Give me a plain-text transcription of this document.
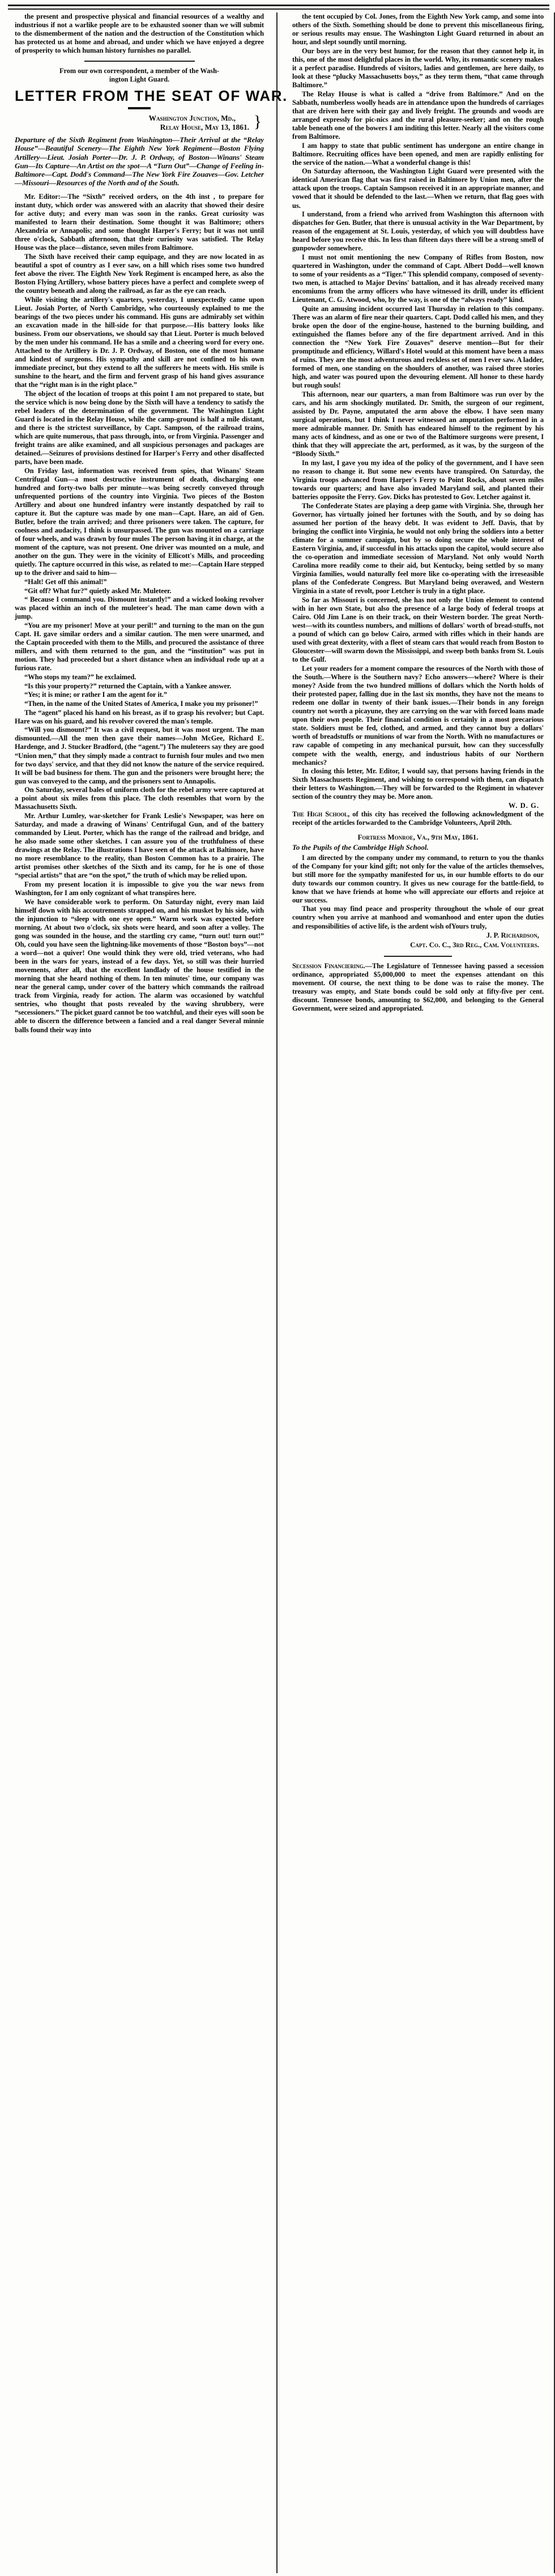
the present and prospective physical and financial resources of a wealthy and industrious if not a warlike people are to be exhausted sooner than we will submit to the dismemberment of the nation and the destruction of the Constitution which has protected us at home and abroad, and under which we have enjoyed a degree of prosperity to which human history furnishes no parallel.

From our own correspondent, a member of the Wash-
ington Light Guard.
LETTER FROM THE SEAT OF WAR.
}
Washington Junction, Md.,
Relay House, May 13, 1861.
Departure of the Sixth Regiment from Washington—Their Arrival at the “Relay House”—Beautiful Scenery—The Eighth New York Regiment—Boston Flying Artillery—Lieut. Josiah Porter—Dr. J. P. Ordway, of Boston—Winans' Steam Gun—Its Capture—An Artist on the spot—A “Turn Out”—Change of Feeling in-Baltimore—Capt. Dodd's Command—The New York Fire Zouaves—Gov. Letcher—Missouri—Resources of the North and of the South.

Mr. Editor:—The “Sixth” received orders, on the 4th inst , to prepare for instant duty, which order was answered with an alacrity that showed their desire for active duty; and every man was soon in the ranks. Great curiosity was manifested to learn their destination. Some thought it was Baltimore; others Alexandria or Annapolis; and some thought Harper's Ferry; but it was not until three o'clock, Sabbath afternoon, that their curiosity was satisfied. The Relay House was the place—distance, seven miles from Baltimore.

The Sixth have received their camp equipage, and they are now located in as beautiful a spot of country as I ever saw, on a hill which rises some two hundred feet above the river. The Eighth New York Regiment is encamped here, as also the Boston Flying Artillery, whose battery pieces have a perfect and complete sweep of the country beneath and along the railroad, as far as the eye can reach.

While visiting the artillery's quarters, yesterday, I unexpectedly came upon Lieut. Josiah Porter, of North Cambridge, who courteously explained to me the bearings of the two pieces under his command. His guns are admirably set within an excavation made in the hill-side for that purpose.—His battery looks like business. From our observations, we should say that Lieut. Porter is much beloved by the men under his command. He has a smile and a cheering word for every one. Attached to the Artillery is Dr. J. P. Ordway, of Boston, one of the most humane and kindest of surgeons. His sympathy and skill are not confined to his own immediate precinct, but they extend to all the sufferers he meets with. His smile is sunshine to the heart, and the firm and fervent grasp of his hand gives assurance that the “right man is in the right place.”

The object of the location of troops at this point I am not prepared to state, but the service which is now being done by the Sixth will have a tendency to satisfy the rebel leaders of the determination of the government. The Washington Light Guard is located in the Relay House, while the camp-ground is half a mile distant, and there is the strictest surveillance, by Capt. Sampson, of the railroad trains, which are quite numerous, that pass through, into, or from Virginia. Passenger and freight trains are alike examined, and all suspicious personages and packages are detained.—Seizures of provisions destined for Harper's Ferry and other disaffected parts, have been made.

On Friday last, information was received from spies, that Winans' Steam Centrifugal Gun—a most destructive instrument of death, discharging one hundred and forty-two balls per minute—was being secretly conveyed through unfrequented portions of the country into Virginia. Two pieces of the Boston Artillery and about one hundred infantry were instantly despatched by rail to capture it. But the capture was made by one man—Capt. Hare, an aid of Gen. Butler, before the train arrived; and three prisoners were taken. The capture, for coolness and audacity, I think is unsurpassed. The gun was mounted on a carriage of four wheels, and was drawn by four mules The person having it in charge, at the moment of the capture, was not present. One driver was mounted on a mule, and another on the gun. They were in the vicinity of Ellicott's Mills, and proceeding quietly. The capture occurred in this wise, as related to me:—Captain Hare stepped up to the driver and said to him—

“Halt! Get off this animal!”

“Git off? What fur?” quietly asked Mr. Muleteer.

“ Because I command you. Dismount instantly!” and a wicked looking revolver was placed within an inch of the muleteer's head. The man came down with a jump.

“You are my prisoner! Move at your peril!” and turning to the man on the gun Capt. H. gave similar orders and a similar caution. The men were unarmed, and the Captain proceeded with them to the Mills, and procured the assistance of three millers, and with them returned to the gun, and the “institution” was put in motion. They had proceeded but a short distance when an individual rode up at a furious rate.

“Who stops my team?” he exclaimed.

“Is this your property?” returned the Captain, with a Yankee answer.

“Yes; it is mine; or rather I am the agent for it.”

“Then, in the name of the United States of America, I make you my prisoner!”

The “agent” placed his hand on his breast, as if to grasp his revolver; but Capt. Hare was on his guard, and his revolver covered the man's temple.

“Will you dismount?” It was a civil request, but it was most urgent. The man dismounted.—All the men then gave their names—John McGee, Richard E. Hardenge, and J. Stucker Bradford, (the “agent.”) The muleteers say they are good “Union men,” that they simply made a contract to furnish four mules and two men for two days' service, and that they did not know the nature of the service required. It will be bad business for them. The gun and the prisoners were brought here; the gun was conveyed to the camp, and the prisoners sent to Annapolis.

On Saturday, several bales of uniform cloth for the rebel army were captured at a point about six miles from this place. The cloth resembles that worn by the Massachusetts Sixth.

Mr. Arthur Lumley, war-sketcher for Frank Leslie's Newspaper, was here on Saturday, and made a drawing of Winans' Centrifugal Gun, and of the battery commanded by Lieut. Porter, which has the range of the railroad and bridge, and he also made some other sketches. I can assure you of the truthfulness of these drawings at the Relay. The illustrations I have seen of the attack at Baltimore, have no more resemblance to the reality, than Boston Common has to a prairie. The artist promises other sketches of the Sixth and its camp, for he is one of those “special artists” that are “on the spot,” the truth of which may be relied upon.

From my present location it is impossible to give you the war news from Washington, for I am only cognizant of what transpires here.

We have considerable work to perform. On Saturday night, every man laid himself down with his accoutrements strapped on, and his musket by his side, with the injunction to “sleep with one eye open.” Warm work was expected before morning. At about two o'clock, six shots were heard, and soon after a volley. The gong was sounded in the house, and the startling cry came, “turn out! turn out!” Oh, could you have seen the lightning-like movements of those “Boston boys”—not a word—not a quiver! One would think they were old, tried veterans, who had been in the wars for years, instead of a few days. Yet, so still was their hurried movements, after all, that the excellent landlady of the house testified in the morning that she heard nothing of them. In ten minutes' time, our company was near the general camp, under cover of the battery which commands the railroad track from Virginia, ready for action. The alarm was occasioned by watchful sentries, who thought that posts revealed by the waving shrubbery, were “secessioners.” The picket guard cannot be too watchful, and their eyes will soon be able to discern the difference between a fancied and a real danger Several minnie balls found their way into

the tent occupied by Col. Jones, from the Eighth New York camp, and some into others of the Sixth. Something should be done to prevent this miscellaneous firing, or serious results may ensue. The Washington Light Guard returned in about an hour, and slept soundly until morning.

Our boys are in the very best humor, for the reason that they cannot help it, in this, one of the most delightful places in the world. Why, its romantic scenery makes it a perfect paradise. Hundreds of visitors, ladies and gentlemen, are here daily, to look at these “plucky Massachusetts boys,” as they term them, “that came through Baltimore.”

The Relay House is what is called a “drive from Baltimore.” And on the Sabbath, numberless woolly heads are in attendance upon the hundreds of carriages that are driven here with their gay and lively freight. The grounds and woods are arranged expressly for pic-nics and the rural pleasure-seeker; and on the rough table beneath one of the bowers I am inditing this letter. Nearly all the visitors come from Baltimore.

I am happy to state that public sentiment has undergone an entire change in Baltimore. Recruiting offices have been opened, and men are rapidly enlisting for the service of the nation.—What a wonderful change is this!

On Saturday afternoon, the Washington Light Guard were presented with the identical American flag that was first raised in Baltimore by Union men, after the attack upon the troops. Captain Sampson received it in an appropriate manner, and vowed that it should be defended to the last.—When we return, that flag goes with us.

I understand, from a friend who arrived from Washington this afternoon with dispatches for Gen. Butler, that there is unusual activity in the War Department, by reason of the engagement at St. Louis, yesterday, of which you will doubtless have heard before you receive this. In less than fifteen days there will be a strong smell of gunpowder somewhere.

I must not omit mentioning the new Company of Rifles from Boston, now quartered in Washington, under the command of Capt. Albert Dodd—well known to some of your residents as a “Tiger.” This splendid company, composed of seventy-two men, is attached to Major Devins' battalion, and it has already received many encomiums from the army officers who have witnessed its drill, under its efficient Lieutenant, C. G. Atwood, who, by the way, is one of the “always ready” kind.

Quite an amusing incident occurred last Thursday in relation to this company. There was an alarm of fire near their quarters. Capt. Dodd called his men, and they broke open the door of the engine-house, hastened to the burning building, and extinguished the flames before any of the fire department arrived. And in this connection the “New York Fire Zouaves” deserve mention—But for their promptitude and efficiency, Willard's Hotel would at this moment have been a mass of ruins. They are the most adventurous and reckless set of men I ever saw. A ladder, formed of men, one standing on the shoulders of another, was raised three stories high, and water was poured upon the devouring element. All honor to these hardy but rough souls!

This afternoon, near our quarters, a man from Baltimore was run over by the cars, and his arm shockingly mutilated. Dr. Smith, the surgeon of our regiment, assisted by Dr. Payne, amputated the arm above the elbow. I have seen many surgical operations, but I think I never witnessed an amputation performed in a more admirable manner. Dr. Smith has endeared himself to the regiment by his many acts of kindness, and as one or two of the Baltimore surgeons were present, I think that they will appreciate the art, performed, as it was, by the surgeon of the “Bloody Sixth.”

In my last, I gave you my idea of the policy of the government, and I have seen no reason to change it. But some new events have transpired. On Saturday, the Virginia troops advanced from Harper's Ferry to Point Rocks, about seven miles towards our quarters; and have also invaded Maryland soil, and planted their batteries opposite the Ferry. Gov. Dicks has protested to Gov. Letcher against it.

The Confederate States are playing a deep game with Virginia. She, through her Governor, has virtually joined her fortunes with the South, and by so doing has assumed her portion of the heavy debt. It was evident to Jeff. Davis, that by bringing the conflict into Virginia, he would not only bring the soldiers into a better climate for a summer campaign, but by so doing secure the whole interest of Eastern Virginia, and, if successful in his attacks upon the capitol, would secure also the co-operation and immediate secession of Maryland. Not only would North Carolina more readily come to their aid, but Kentucky, being settled by so many Virginia families, would naturally feel more like co-operating with the irreseasible plans of the Confederate Congress. But Maryland being overawed, and Western Virginia in a state of revolt, poor Letcher is truly in a tight place.

So far as Missouri is concerned, she has not only the Union element to contend with in her own State, but also the presence of a large body of federal troops at Cairo. Old Jim Lane is on their track, on their Western border. The great North-west—with its countless numbers, and millions of dollars' worth of bread-stuffs, not a pound of which can go below Cairo, armed with rifles which in their hands are used with great dexterity, with a fleet of steam cars that would reach from Boston to Gloucester—will swarm down the Mississippi, and sweep both banks from St. Louis to the Gulf.

Let your readers for a moment compare the resources of the North with those of the South.—Where is the Southern navy? Echo answers—where? Where is their money? Aside from the two hundred millions of dollars which the North holds of their protested paper, falling due in the last six months, they have not the means to redeem one dollar in twenty of their bank issues.—Their bonds in any foreign country not worth a picayune, they are carrying on the war with forced loans made upon their own people. Their financial condition is certainly in a most precarious state. Soldiers must be fed, clothed, and armed, and they cannot buy a dollars' worth of breadstuffs or munitions of war from the North. With no manufactures or raw capable of competing in any mechanical pursuit, how can they successfully compete with the wealth, energy, and industrious habits of our Northern mechanics?

In closing this letter, Mr. Editor, I would say, that persons having friends in the Sixth Massachusetts Regiment, and wishing to correspond with them, can dispatch their letters to Washington.—They will be forwarded to the Regiment in whatever section of the country they may be. More anon.

W. D. G.

The High School, of this city has received the following acknowledgment of the receipt of the articles forwarded to the Cambridge Volunteers, April 20th.

Fortress Monroe, Va., 9th May, 1861.
To the Pupils of the Cambridge High School.

I am directed by the company under my command, to return to you the thanks of the Company for your kind gift; not only for the value of the articles themselves, but still more for the sympathy manifested for us, in our humble efforts to do our duty towards our common country. It gives us new courage for the battle-field, to know that we have friends at home who will appreciate our efforts and rejoice at our success.

That you may find peace and prosperity throughout the whole of our great country when you arrive at manhood and womanhood and enter upon the duties and responsibilities of active life, is the ardent wish ofYours truly,

J. P. Richardson,
Capt. Co. C., 3rd Reg., Cam. Volunteers.

Secession Financiering.—The Legislature of Tennessee having passed a secession ordinance, appropriated $5,000,000 to meet the expenses attendant on this movement. Of course, the next thing to be done was to raise the money. The treasury was empty, and State bonds could be sold only at fifty-five per cent. discount. Tennessee bonds, amounting to $62,000, and belonging to the General Government, were seized and appropriated.
